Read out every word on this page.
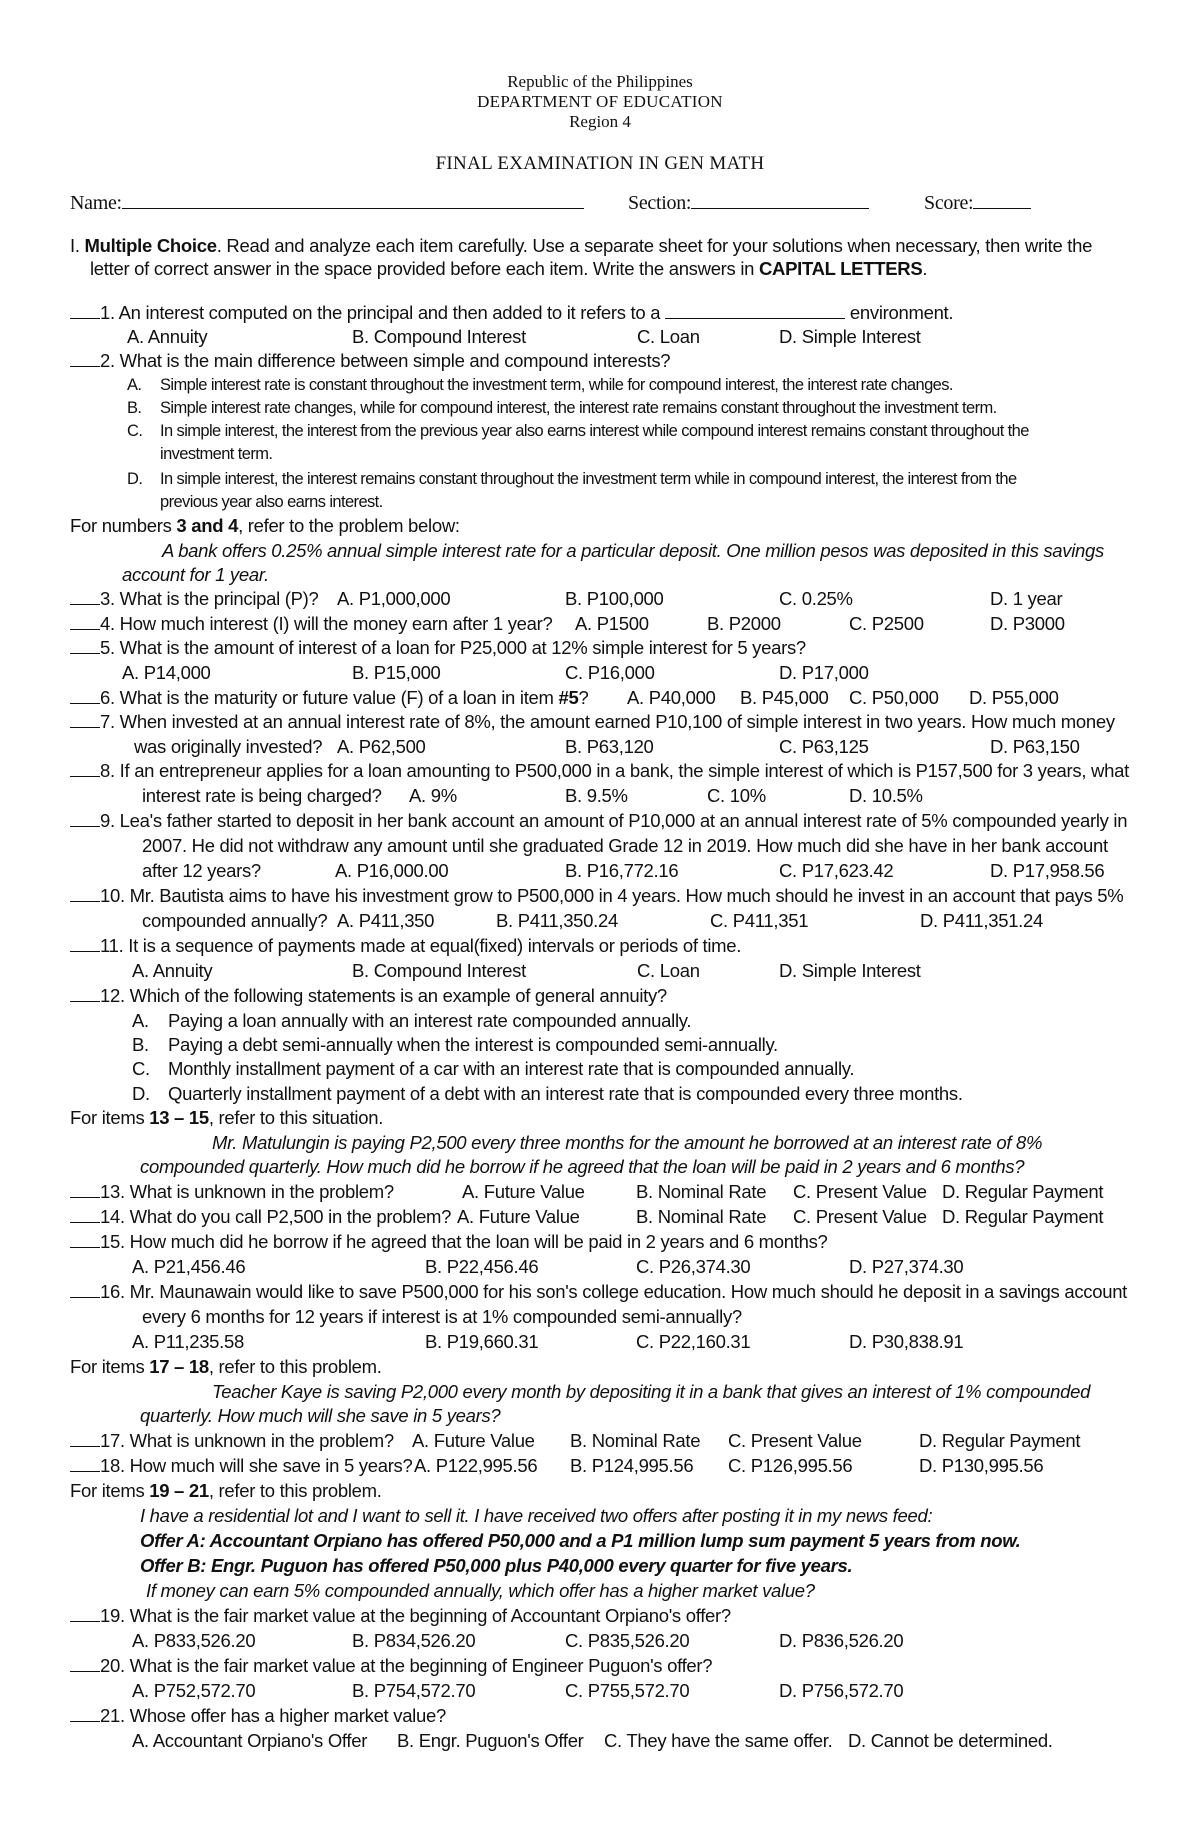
Republic of the Philippines
DEPARTMENT OF EDUCATION
Region 4
FINAL EXAMINATION IN GEN MATH
Name:	Section:	Score:
I. Multiple Choice. Read and analyze each item carefully. Use a separate sheet for your solutions when necessary, then write the
letter of correct answer in the space provided before each item. Write the answers in CAPITAL LETTERS.
1. An interest computed on the principal and then added to it refers to a	environment.
A. Annuity	B. Compound Interest	C. Loan	D. Simple Interest
2. What is the main difference between simple and compound interests?
A. Simple interest rate is constant throughout the investment term, while for compound interest, the interest rate changes.
B. Simple interest rate changes, while for compound interest, the interest rate remains constant throughout the investment term.
C. In simple interest, the interest from the previous year also earns interest while compound interest remains constant throughout the
investment term.
D. In simple interest, the interest remains constant throughout the investment term while in compound interest, the interest from the
previous year also earns interest.
For numbers 3 and 4, refer to the problem below:
A bank offers 0.25% annual simple interest rate for a particular deposit. One million pesos was deposited in this savings
account for 1 year.
3. What is the principal (P)? A. P1,000,000	B. P100,000	C. 0.25%	D. 1 year
4. How much interest (I) will the money earn after 1 year? A. P1500	B. P2000	C. P2500	D. P3000
5. What is the amount of interest of a loan for P25,000 at 12% simple interest for 5 years?
A. P14,000	B. P15,000	C. P16,000	D. P17,000
6. What is the maturity or future value (F) of a loan in item #5? A. P40,000 B. P45,000 C. P50,000 D. P55,000
7. When invested at an annual interest rate of 8%, the amount earned P10,100 of simple interest in two years. How much money
was originally invested? A. P62,500	B. P63,120	C. P63,125	D. P63,150
8. If an entrepreneur applies for a loan amounting to P500,000 in a bank, the simple interest of which is P157,500 for 3 years, what
interest rate is being charged? A. 9%	B. 9.5%	C. 10%	D. 10.5%
9. Lea's father started to deposit in her bank account an amount of P10,000 at an annual interest rate of 5% compounded yearly in
2007. He did not withdraw any amount until she graduated Grade 12 in 2019. How much did she have in her bank account
after 12 years?	A. P16,000.00	B. P16,772.16	C. P17,623.42	D. P17,958.56
10. Mr. Bautista aims to have his investment grow to P500,000 in 4 years. How much should he invest in an account that pays 5%
compounded annually? A. P411,350	B. P411,350.24	C. P411,351	D. P411,351.24
11. It is a sequence of payments made at equal(fixed) intervals or periods of time.
A. Annuity	B. Compound Interest	C. Loan	D. Simple Interest
12. Which of the following statements is an example of general annuity?
A. Paying a loan annually with an interest rate compounded annually.
B. Paying a debt semi-annually when the interest is compounded semi-annually.
C. Monthly installment payment of a car with an interest rate that is compounded annually.
D. Quarterly installment payment of a debt with an interest rate that is compounded every three months.
For items 13 – 15, refer to this situation.
Mr. Matulungin is paying P2,500 every three months for the amount he borrowed at an interest rate of 8%
compounded quarterly. How much did he borrow if he agreed that the loan will be paid in 2 years and 6 months?
13. What is unknown in the problem?	A. Future Value	B. Nominal Rate C. Present Value D. Regular Payment
14. What do you call P2,500 in the problem? A. Future Value	B. Nominal Rate C. Present Value D. Regular Payment
15. How much did he borrow if he agreed that the loan will be paid in 2 years and 6 months?
A. P21,456.46	B. P22,456.46	C. P26,374.30	D. P27,374.30
16. Mr. Maunawain would like to save P500,000 for his son's college education. How much should he deposit in a savings account
every 6 months for 12 years if interest is at 1% compounded semi-annually?
A. P11,235.58	B. P19,660.31	C. P22,160.31	D. P30,838.91
For items 17 – 18, refer to this problem.
Teacher Kaye is saving P2,000 every month by depositing it in a bank that gives an interest of 1% compounded
quarterly. How much will she save in 5 years?
17. What is unknown in the problem? A. Future Value B. Nominal Rate C. Present Value	D. Regular Payment
18. How much will she save in 5 years? A. P122,995.56 B. P124,995.56 C. P126,995.56	D. P130,995.56
For items 19 – 21, refer to this problem.
I have a residential lot and I want to sell it. I have received two offers after posting it in my news feed:
Offer A: Accountant Orpiano has offered P50,000 and a P1 million lump sum payment 5 years from now.
Offer B: Engr. Puguon has offered P50,000 plus P40,000 every quarter for five years.
If money can earn 5% compounded annually, which offer has a higher market value?
19. What is the fair market value at the beginning of Accountant Orpiano's offer?
A. P833,526.20	B. P834,526.20	C. P835,526.20	D. P836,526.20
20. What is the fair market value at the beginning of Engineer Puguon's offer?
A. P752,572.70	B. P754,572.70	C. P755,572.70	D. P756,572.70
21. Whose offer has a higher market value?
A. Accountant Orpiano's Offer B. Engr. Puguon's Offer C. They have the same offer. D. Cannot be determined.
